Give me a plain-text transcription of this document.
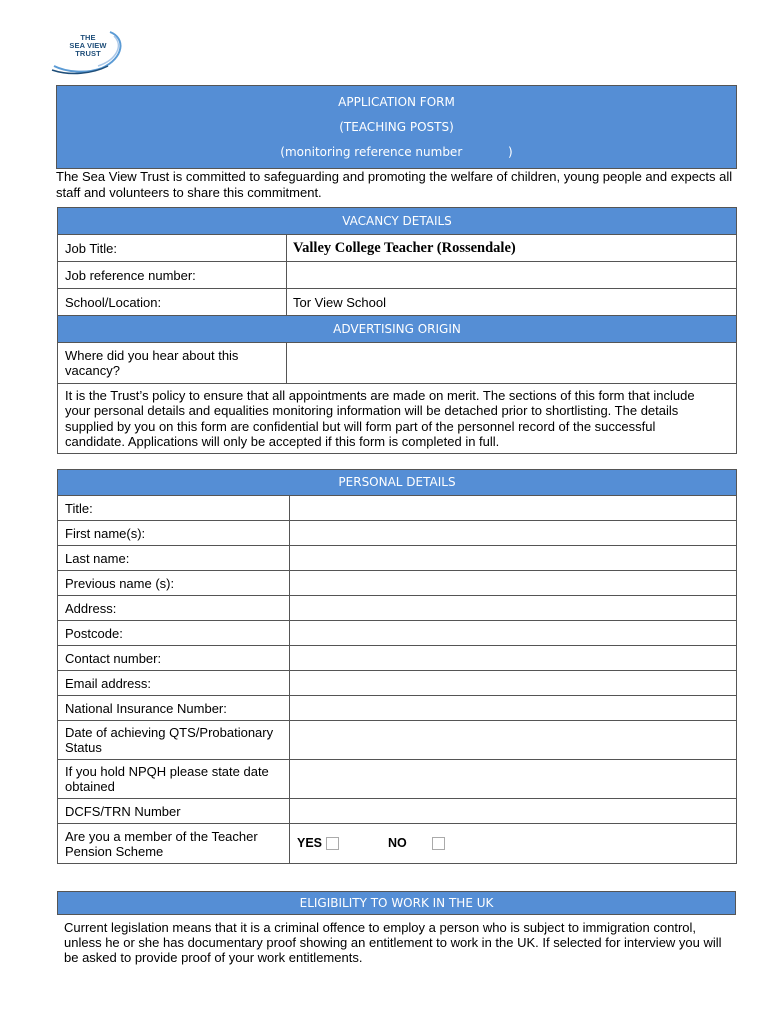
THE
SEA VIEW
TRUST
APPLICATION FORM
(TEACHING POSTS)
(monitoring reference number            )
The Sea View Trust is committed to safeguarding and promoting the welfare of children, young people and expects all staff and volunteers to share this commitment.
VACANCY DETAILS	
Job Title:	Valley College Teacher (Rossendale)
Job reference number:	
School/Location:	Tor View School
ADVERTISING ORIGIN	
Where did you hear about this vacancy?	
It is the Trust’s policy to ensure that all appointments are made on merit. The sections of this form that include your personal details and equalities monitoring information will be detached prior to shortlisting. The details supplied by you on this form are confidential but will form part of the personnel record of the successful candidate. Applications will only be accepted if this form is completed in full.	
PERSONAL DETAILS	
Title:	
First name(s):	
Last name:	
Previous name (s):	
Address:	
Postcode:	
Contact number:	
Email address:	
National Insurance Number:	
Date of achieving QTS/Probationary Status	
If you hold NPQH please state date obtained	
DCFS/TRN Number	
Are you a member of the Teacher Pension Scheme	YES NO
ELIGIBILITY TO WORK IN THE UK
Current legislation means that it is a criminal offence to employ a person who is subject to immigration control, unless he or she has documentary proof showing an entitlement to work in the UK. If selected for interview you will be asked to provide proof of your work entitlements.
